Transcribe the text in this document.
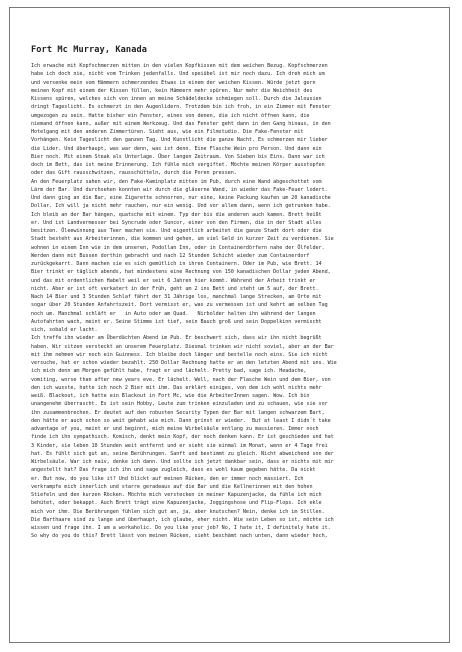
Fort Mc Murray, Kanada
Ich erwache mit Kopfschmerzen mitten in den vielen Kopfkissen mit dem weichen Bezug. Kopfschmerzen
habe ich doch nie, nicht vom Trinken jedenfalls. Und speiübel ist mir noch dazu. Ich dreh mich um
und versenke mein vom Hämmern schmerzendes Etwas in einem der weichen Kissen. Würde jetzt gern
meinen Kopf mit einem der Kissen füllen, kein Hämmern mehr spüren. Nur mehr die Weichheit des
Kissens spüren, welches sich von innen an meine Schädeldecke schmiegen soll. Durch die Jalousien
dringt Tageslicht. Es schmerzt in den Augenlidern. Trotzdem bin ich froh, in ein Zimmer mit Fenster
umgezogen zu sein. Hatte bisher ein Fenster, eines von denen, die ich nicht öffnen kann, die
niemand öffnen kann, außer mit einem Werkzeug. Und das Fenster geht dann in den Gang hinaus, in den
Hotelgang mit den anderen Zimmertüren. Sieht aus, wie ein Filmstudio. Die Fake-Fenster mit
Vorhängen. Kein Tageslicht den ganzen Tag. Und Kunstlicht die ganze Nacht. Es schmerzen mir lieber
die Lider. Und überhaupt, was war denn, was ist denn. Eine Flasche Wein pro Person. Und dann ein
Bier noch. Mit einem Steak als Unterlage. Über langen Zeitraum. Von Sieben bis Eins. Dann war ich
doch im Bett, das ist meine Erinnerung. Ich fühle mich vergiftet. Möchte meinen Körper ausstopfen
oder das Gift rausschwitzen, rausschütteln, durch die Poren pressen.
An den Feuerplatz sahen wir, den Fake-Kaminplatz mitten im Pub, durch eine Wand abgeschottet vom
Lärm der Bar. Und durchsehen konnten wir durch die gläserne Wand, in wieder das Fake-Feuer lodert.
Und dann ging an die Bar, eine Zigarette schnorren, nur eine, keine Packung kaufen um 20 kanadische
Dollar. Ich will ja nicht mehr rauchen, nur ein wenig. Und vor allem dann, wenn ich getrunken habe.
Ich bleib an der Bar hängen, quatsche mit einem. Typ der bis die anderen auch kamen. Brett heißt
er. Und ist Landvermesser bei Syncrude oder Suncor, einer von den Firmen, die in der Stadt alles
besitzen. Öleewinnung aus Teer machen sie. Und eigentlich arbeitet die ganze Stadt dort oder die
Stadt besteht aus Arbeiterinnen, die kommen und gehen, um viel Geld in kurzer Zeit zu verdienen. Sie
wohnen in einem Inn wie in dem unseren, Podollan Inn, oder in Containerdörfern nahe der Ölfelder.
Werden dann mit Bussen dorthin gebracht und nach 12 Stunden Schicht wieder zum Containerdorf
zurückgekarrt. Dann machen sie es sich gemütlich in ihren Containern. Oder im Pub, wie Brett. 14
Bier trinkt er täglich abends, hat mindestens eine Rechnung von 150 kanadischen Dollar jeden Abend,
und das mit ordentlichen Habelt weil er seit 6 Jahren hier kommt. Während der Arbeit trinkt er
nicht. Aber er ist oft verkatert in der Früh, geht um 2 ins Bett und steht um 5 auf, der Brett.
Nach 14 Bier und 3 Stunden Schlaf fährt der 31 Jährige los, manchmal lange Strecken, am Orte mit
sogar über 20 Stunden Anfahrtszeit. Dort vermisst er, was zu vermessen ist und kehrt am selben Tag
noch um. Manchmal schläft er   in Auto oder am Quad.   Nirbolder halten ihn während der langen
Autofahrten wach, meint er. Seine Stimme ist tief, sein Bauch groß und sein Doppelkinn vermischt
sich, sobald er lacht.
Ich treffe ihn wieder am Überdächten Abend im Pub. Er beschwert sich, dass wir ihn nicht begrüßt
haben. Wir sitzen versteckt an unserem Feuerplatz. Diesmal trinken wir nicht soviel, aber an der Bar
mit ihm nehmen wir noch ein Guinness. Ich bleibe doch länger und bestelle noch eins. Sie ich nicht
versuche, hat er schon wieder bezahlt. 250 Dollar Rechnung hatte er an den letzten Abend mit uns. Wie
ich mich denn am Morgen gefühlt habe, fragt er und lächelt. Pretty bad, sage ich. Headache,
vomiting, worse than after new years eve. Er lächelt. Well, nach der Flasche Wein und dem Bier, von
den ich wusste, hatte ich noch 2 Bier mit ihm. Das erklärt einiges, von dem ich wohl nichts mehr
weiß. Blackout, ich hatte ein Blackout in Fort Mc, wie die ArbeiterInnen sagen. Wow. Ich bin
unangenehm überrascht. Es ist sein Hobby, Leute zum trinken einzuladen und zu schauen, wie sie vor
ihn zusammenbrechen. Er deutet auf den robusten Security Typen der Bar mit langen schwarzem Bart,
den hätte er auch schon so weit gehabt wie mich. Dann grinst er wieder.  But at least I didn´t take
advantage of you, meint er und beginnt, mich meine Wirbelsäule entlang zu massieren. Immer noch
finde ich ihn sympathisch. Komisch, denkt mein Kopf, der noch denken kann. Er ist geschieden und hat
3 Kinder, sie leben 10 Stunden weit entfernt und er sieht sie einmal im Monat, wenn er 4 Tage frei
hat. Es fühlt sich gut an, seine Berührungen. Sanft und bestimmt zu gleich. Nicht abweichend von der
Wirbelsäule. War ich naiv, denke ich dann. Und sollte ich jetzt dankbar sein, dass er nichts mit mir
angestellt hat? Das frage ich ihn und sage zugleich, dass es wohl kaum gegeben hätte. Da nickt
er. But now, do you like it? Und blickt auf meinen Rücken, den er immer noch massiert. Ich
verkrampfe mich innerlich und starre geradeaus auf die Bar und die Kellnerinnen mit den hohen
Stiefeln und den kurzen Röcken. Möchte mich verstecken in meiner Kapuzenjacke, da fühle ich mich
behütet, oder bekappt. Auch Brett trägt eine Kapuzenjacke, Joggingshose und Flip-Flops. Ich ekle
mich vor ihm. Die Berührungen fühlen sich gut an, ja, aber knutschen? Nein, denke ich im Stillen.
Die Barthaare sind zu lange und überhaupt, ich glaube, eher nicht. Wie sein Leben so ist, möchte ich
wissen und frage ihn. I am a workaholic. Do you like your job? No, I hate it, I definitely hate it.
So why do you do this? Brett lässt von meinen Rücken, sieht beschämt nach unten, dann wieder hoch,
